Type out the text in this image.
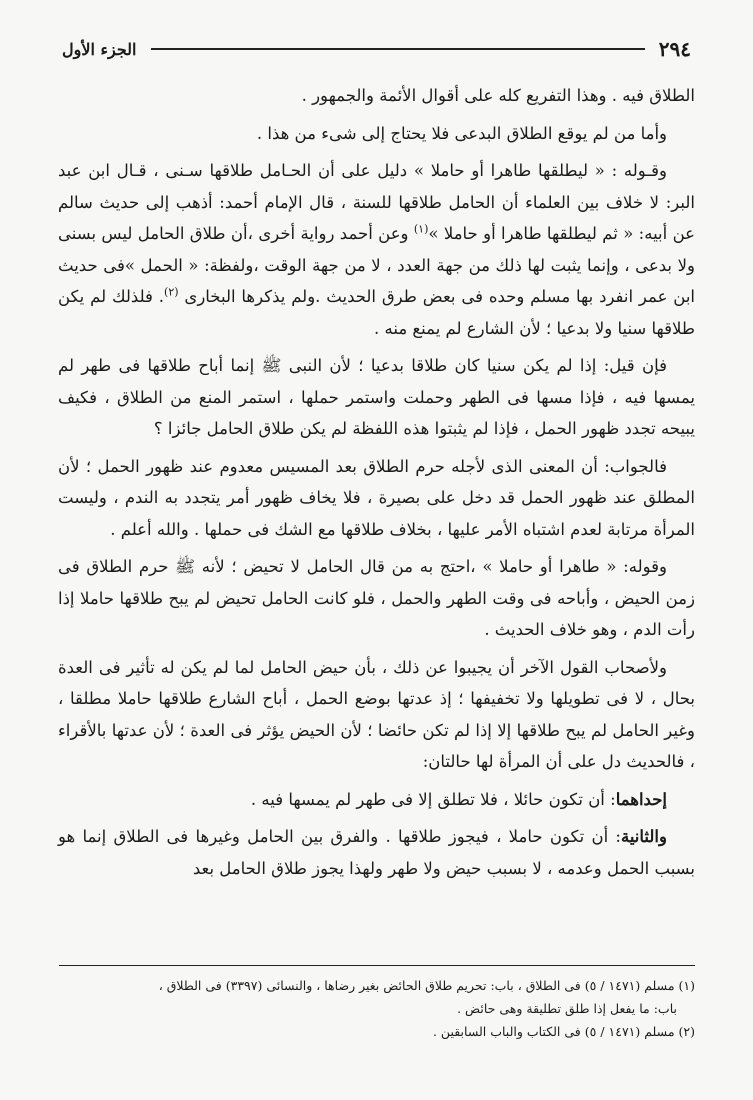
٢٩٤
الجزء الأول

الطلاق فيه . وهذا التفريع كله على أقوال الأئمة والجمهور .

وأما من لم يوقع الطلاق البدعى فلا يحتاج إلى شىء من هذا .

وقـوله : « ليطلقها طاهرا أو حاملا » دليل على أن الحـامل طلاقها سـنى ، قـال ابن عبد البر: لا خلاف بين العلماء أن الحامل طلاقها للسنة ، قال الإمام أحمد: أذهب إلى حديث سالم عن أبيه: « ثم ليطلقها طاهرا أو حاملا »$^{(١)}$ وعن أحمد رواية أخرى ،أن طلاق الحامل ليس بسنى ولا بدعى ، وإنما يثبت لها ذلك من جهة العدد ، لا من جهة الوقت ،ولفظة: « الحمل »فى حديث ابن عمر انفرد بها مسلم وحده فى بعض طرق الحديث .ولم يذكرها البخارى $^{(٢)}$. فلذلك لم يكن طلاقها سنيا ولا بدعيا ؛ لأن الشارع لم يمنع منه .

فإن قيل: إذا لم يكن سنيا كان طلاقا بدعيا ؛ لأن النبى ﷺ إنما أباح طلاقها فى طهر لم يمسها فيه ، فإذا مسها فى الطهر وحملت واستمر حملها ، استمر المنع من الطلاق ، فكيف يبيحه تجدد ظهور الحمل ، فإذا لم يثبتوا هذه اللفظة لم يكن طلاق الحامل جائزا ؟

فالجواب: أن المعنى الذى لأجله حرم الطلاق بعد المسيس معدوم عند ظهور الحمل ؛ لأن المطلق عند ظهور الحمل قد دخل على بصيرة ، فلا يخاف ظهور أمر يتجدد به الندم ، وليست المرأة مرتابة لعدم اشتباه الأمر عليها ، بخلاف طلاقها مع الشك فى حملها . والله أعلم .

وقوله: « طاهرا أو حاملا » ،احتج به من قال الحامل لا تحيض ؛ لأنه ﷺ حرم الطلاق فى زمن الحيض ، وأباحه فى وقت الطهر والحمل ، فلو كانت الحامل تحيض لم يبح طلاقها حاملا إذا رأت الدم ، وهو خلاف الحديث .

ولأصحاب القول الآخر أن يجيبوا عن ذلك ، بأن حيض الحامل لما لم يكن له تأثير فى العدة بحال ، لا فى تطويلها ولا تخفيفها ؛ إذ عدتها بوضع الحمل ، أباح الشارع طلاقها حاملا مطلقا ، وغير الحامل لم يبح طلاقها إلا إذا لم تكن حائضا ؛ لأن الحيض يؤثر فى العدة ؛ لأن عدتها بالأقراء ، فالحديث دل على أن المرأة لها حالتان:

إحداهما: أن تكون حائلا ، فلا تطلق إلا فى طهر لم يمسها فيه .

والثانية: أن تكون حاملا ، فيجوز طلاقها . والفرق بين الحامل وغيرها فى الطلاق إنما هو بسبب الحمل وعدمه ، لا بسبب حيض ولا طهر ولهذا يجوز طلاق الحامل بعد

(١) مسلم (١٤٧١ / ٥) فى الطلاق ، باب: تحريم طلاق الحائض بغير رضاها ، والنسائى (٣٣٩٧) فى الطلاق ،

باب: ما يفعل إذا طلق تطليقة وهى حائض .

(٢) مسلم (١٤٧١ / ٥) فى الكتاب والباب السابقين .
